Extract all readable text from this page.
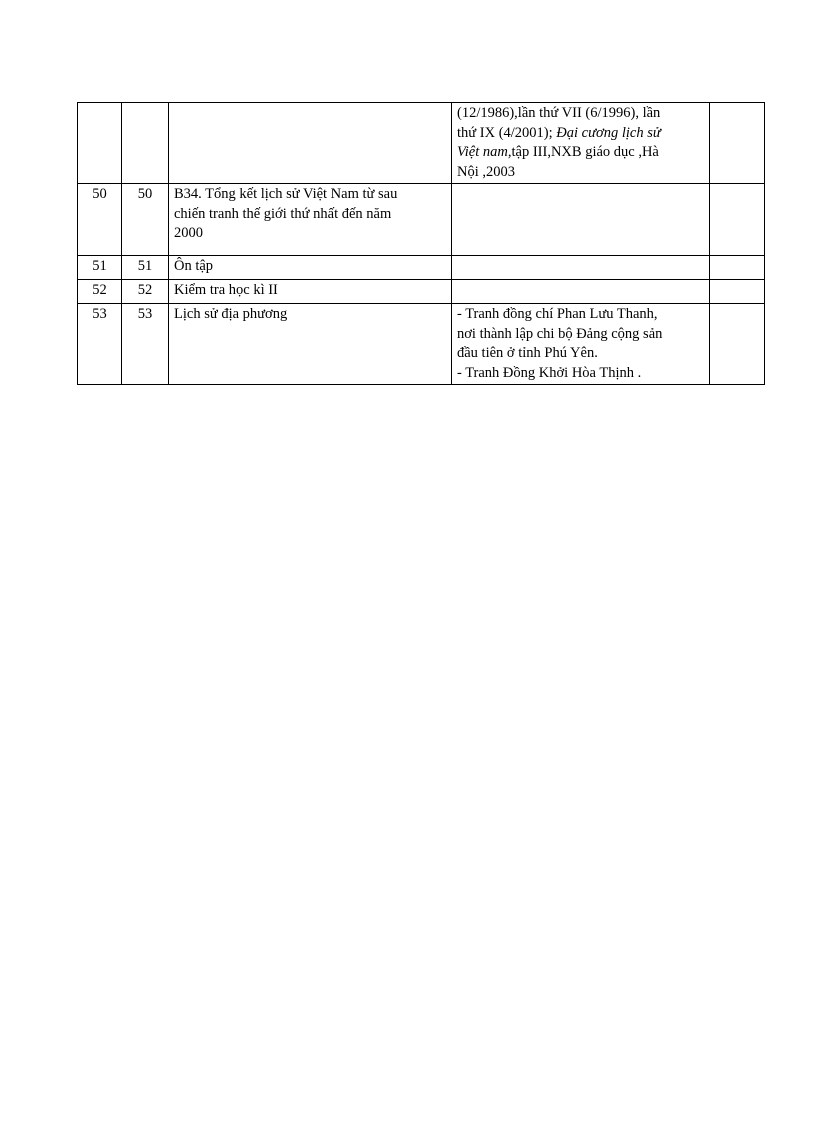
			(12/1986),lần thứ VII (6/1996), lần
thứ IX (4/2001); Đại cương lịch sử
Việt nam,tập III,NXB giáo dục ,Hà
Nội ,2003	

50	50	B34. Tổng kết lịch sử Việt Nam từ sau
chiến tranh thế giới thứ nhất đến năm
2000		

51	51	Ôn tập		

52	52	Kiểm tra học kì II		

53	53	Lịch sử địa phương	- Tranh đồng chí Phan Lưu Thanh,
nơi thành lập chi bộ Đảng cộng sản
đầu tiên ở tỉnh Phú Yên.
- Tranh Đồng Khởi Hòa Thịnh .	
